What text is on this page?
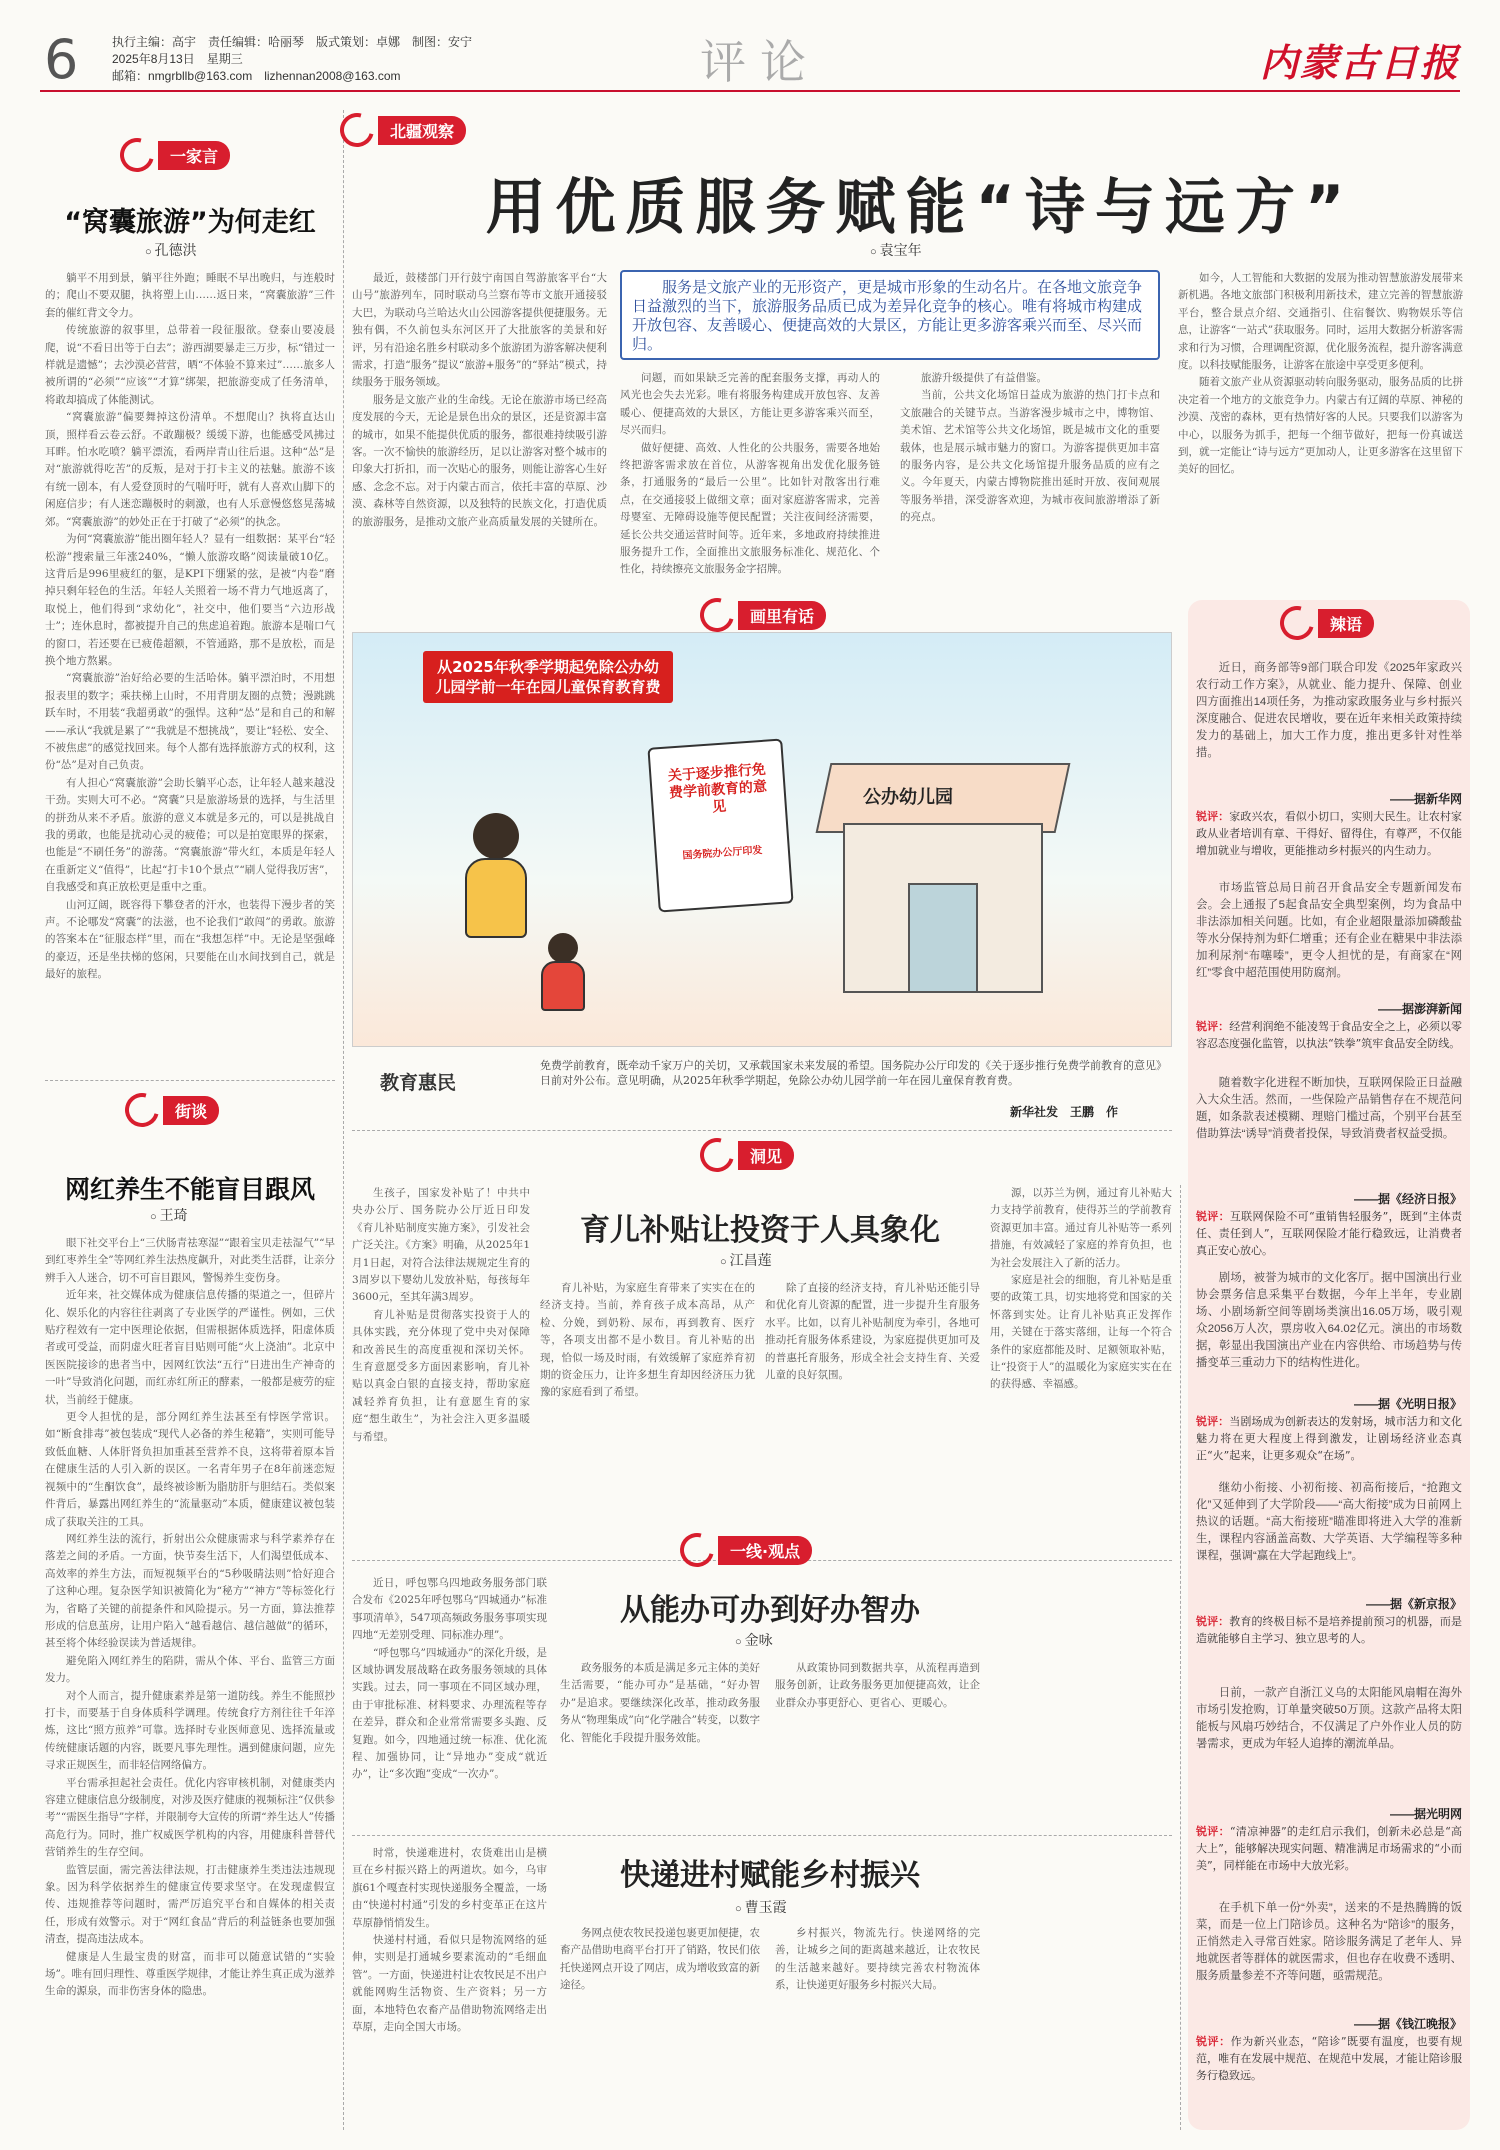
6	执行主编：高宇　责任编辑：哈丽琴　版式策划：卓娜　制图：安宁
2025年8月13日　星期三
邮箱：nmgrbllb@163.com　lizhennan2008@163.com	评论	内蒙古日报
一家言
“窝囊旅游”为何走红
○ 孔德洪

躺平不用到景，躺平往外跑；睡眠不早出晚归，与连般时的；爬山不要双腿，执将塑上山……返日来，“窝囊旅游”三件套的催红背文令力。

传统旅游的叙事里，总带着一段征服欲。登泰山要凌晨爬，说“不看日出等于白去”；游西湖要暴走三万步，标“错过一样就是遗憾”；去沙漠必营营，晒“不体验不算来过”……旅多人被所谓的“必须”“应该”“才算”绑架，把旅游变成了任务清单，将敢却搞成了体能测试。

“窝囊旅游”偏要舞掉这份清单。不想爬山？执将直达山顶，照样看云卷云舒。不敢蹦极？缓缓下游，也能感受风拂过耳畔。怕水吃喷？躺平漂流，看两岸青山往后退。这种“怂”是对“旅游就得吃苦”的反叛，是对于打卡主义的祛魅。旅游不该有统一剧本，有人爱登顶时的气喘吁吁，就有人喜欢山脚下的闲庭信步；有人迷恋蹦极时的刺激，也有人乐意慢悠悠晃荡城郊。“窝囊旅游”的妙处正在于打破了“必须”的执念。

为何“窝囊旅游”能出圈年轻人？显有一组数据：某平台“轻松游”搜索量三年涨240%，“懒人旅游攻略”阅读量破10亿。这背后是996里疲红的躯，是KPI下绷紧的弦，是被“内卷”磨掉只剩年轻色的生活。年轻人关照着一场不背力气地返离了，取悦上，他们得到“求幼化”，社交中，他们要当“六边形战士”；连休息时，都被提升自己的焦虑追着跑。旅游本是喘口气的窗口，若还要在已疲倦超额，不管通路，那不是放松，而是换个地方熬累。

“窝囊旅游”治好给必要的生活哈体。躺平漂泊时，不用想报表里的数字；乘扶梯上山时，不用背朋友圈的点赞；漫跳跳跃车时，不用装“我超勇敢”的强悍。这种“怂”是和自己的和解——承认“我就是累了”“我就是不想挑战”，要让“轻松、安全、不被焦虑”的感觉找回来。每个人都有选择旅游方式的权利，这份“怂”是对自己负责。

有人担心“窝囊旅游”会助长躺平心态，让年轻人越来越没干劲。实则大可不必。“窝囊”只是旅游场景的选择，与生活里的拼劲从来不矛盾。旅游的意义本就是多元的，可以是挑战自我的勇敢，也能是扰动心灵的疲倦；可以是拍宽眼界的探索，也能是“不刷任务”的游荡。“窝囊旅游”带火红，本质是年轻人在重新定义“值得”，比起“打卡10个景点”“刷人觉得我厉害”，自我感受和真正放松更是重中之重。

山河辽阔，既容得下攀登者的汗水，也装得下漫步者的笑声。不论哪发“窝囊”的法滋，也不论我们“敢闯”的勇敢。旅游的答案本在“征服态样”里，而在“我想怎样”中。无论是坚强峰的豪迈，还是坐扶梯的悠闲，只要能在山水间找到自己，就是最好的旅程。

街谈
网红养生不能盲目跟风
○ 王琦

眼下社交平台上“三伏肠青祛寒湿”“跟着宝贝走祛湿气”“早到红枣养生全”等网红养生法热度飙升，对此类生活群，让亲分辨手入人迷合，切不可盲目跟风，警惕养生变伤身。

近年来，社交媒体成为健康信息传播的渠道之一，但碎片化、娱乐化的内容往往剥离了专业医学的严谨性。例如，三伏贴疗程效有一定中医理论依据，但需根据体质选择，阳虚体质者或可受益，而阴虚火旺者盲目贴则可能“火上浇油”。北京中医医院接诊的患者当中，因网红饮法“五行”日进出生产神奇的一叶”导致消化问题，而红赤红所正的酵素，一般都是疲劳的症状，当前经于健康。

更令人担忧的是，部分网红养生法甚至有悖医学常识。如“断食排毒”被包装成“现代人必备的养生秘籍”，实则可能导致低血糖、人体肝肾负担加重甚至营养不良，这将带着原本旨在健康生活的人引入新的误区。一名青年男子在8年前迷恋短视频中的“生酮饮食”，最终被诊断为脂肪肝与胆结石。类似案件背后，暴露出网红养生的“流量驱动”本质，健康建议被包装成了获取关注的工具。

网红养生法的流行，折射出公众健康需求与科学素养存在落差之间的矛盾。一方面，快节奏生活下，人们渴望低成本、高效率的养生方法，而短视频平台的“5秒吸睛法则”恰好迎合了这种心理。复杂医学知识被简化为“秘方”“神方”等标签化行为，省略了关键的前提条件和风险提示。另一方面，算法推荐形成的信息茧房，让用户陷入“越看越信、越信越做”的循环，甚至将个体经验误读为普适规律。

避免陷入网红养生的陷阱，需从个体、平台、监管三方面发力。

对个人而言，提升健康素养是第一道防线。养生不能照抄打卡，而要基于自身体质科学调理。传统食疗方剂往往千年淬炼，这比“照方煎养”可靠。选择时专业医师意见、选择流量或传统健康话题的内容，既要凡事先理性。遇到健康问题，应先寻求正规医生，而非轻信网络偏方。

平台需承担起社会责任。优化内容审核机制，对健康类内容建立健康信息分级制度，对涉及医疗健康的视频标注“仅供参考”“需医生指导”字样，并限制夸大宣传的所谓“养生达人”传播高危行为。同时，推广权威医学机构的内容，用健康科普替代营销养生的生存空间。

监管层面，需完善法律法规，打击健康养生类违法违规现象。因为科学依据养生的健康宣传要求坚守。在发现虚假宣传、违规推荐等问题时，需严厉追究平台和自媒体的相关责任，形成有效警示。对于“网红食品”背后的利益链条也要加强清查，提高违法成本。

健康是人生最宝贵的财富，而非可以随意试错的“实验场”。唯有回归理性、尊重医学规律，才能让养生真正成为滋养生命的源泉，而非伤害身体的隐患。

北疆观察
用优质服务赋能“诗与远方”
○ 袁宝年
服务是文旅产业的无形资产，更是城市形象的生动名片。在各地文旅竞争日益激烈的当下，旅游服务品质已成为差异化竞争的核心。唯有将城市构建成开放包容、友善暖心、便捷高效的大景区，方能让更多游客乘兴而至、尽兴而归。

最近，鼓楼部门开行鼓宁南国自驾游旅客平台“大山号”旅游列车，同时联动乌兰察布等市文旅开通接驳大巴，为联动乌兰哈达火山公园游客提供便捷服务。无独有偶，不久前包头东河区开了大批旅客的美景和好评，另有沿途名胜乡村联动多个旅游团为游客解决便利需求，打造“服务”提议“旅游+服务”的“驿站”模式，持续服务于服务领域。

服务是文旅产业的生命线。无论在旅游市场已经高度发展的今天，无论是景色出众的景区，还是资源丰富的城市，如果不能提供优质的服务，都很难持续吸引游客。一次不愉快的旅游经历，足以让游客对整个城市的印象大打折扣，而一次贴心的服务，则能让游客心生好感、念念不忘。对于内蒙古而言，依托丰富的草原、沙漠、森林等自然资源，以及独特的民族文化，打造优质的旅游服务，是推动文旅产业高质量发展的关键所在。

问题，而如果缺乏完善的配套服务支撑，再动人的风光也会失去光彩。唯有将服务构建成开放包容、友善暖心、便捷高效的大景区，方能让更多游客乘兴而至，尽兴而归。

做好便捷、高效、人性化的公共服务，需要各地始终把游客需求放在首位，从游客视角出发优化服务链条，打通服务的“最后一公里”。比如针对散客出行难点，在交通接驳上做细文章；面对家庭游客需求，完善母婴室、无障碍设施等便民配置；关注夜间经济需要，延长公共交通运营时间等。近年来，多地政府持续推进服务提升工作，全面推出文旅服务标准化、规范化、个性化，持续擦亮文旅服务金字招牌。

旅游升级提供了有益借鉴。

当前，公共文化场馆日益成为旅游的热门打卡点和文旅融合的关键节点。当游客漫步城市之中，博物馆、美术馆、艺术馆等公共文化场馆，既是城市文化的重要载体，也是展示城市魅力的窗口。为游客提供更加丰富的服务内容，是公共文化场馆提升服务品质的应有之义。今年夏天，内蒙古博物院推出延时开放、夜间观展等服务举措，深受游客欢迎，为城市夜间旅游增添了新的亮点。

如今，人工智能和大数据的发展为推动智慧旅游发展带来新机遇。各地文旅部门积极利用新技术，建立完善的智慧旅游平台，整合景点介绍、交通指引、住宿餐饮、购物娱乐等信息，让游客“一站式”获取服务。同时，运用大数据分析游客需求和行为习惯，合理调配资源，优化服务流程，提升游客满意度。以科技赋能服务，让游客在旅途中享受更多便利。

随着文旅产业从资源驱动转向服务驱动，服务品质的比拼决定着一个地方的文旅竞争力。内蒙古有辽阔的草原、神秘的沙漠、茂密的森林，更有热情好客的人民。只要我们以游客为中心，以服务为抓手，把每一个细节做好，把每一份真诚送到，就一定能让“诗与远方”更加动人，让更多游客在这里留下美好的回忆。

画里有话
从2025年秋季学期起免除公办幼儿园学前一年在园儿童保育教育费
公办幼儿园
关于逐步推行免费学前教育的意见
国务院办公厅印发
教育惠民
免费学前教育，既牵动千家万户的关切，又承载国家未来发展的希望。国务院办公厅印发的《关于逐步推行免费学前教育的意见》日前对外公布。意见明确，从2025年秋季学期起，免除公办幼儿园学前一年在园儿童保育教育费。
新华社发　王鹏　作
洞见
育儿补贴让投资于人具象化
○ 江昌莲

生孩子，国家发补贴了！中共中央办公厅、国务院办公厅近日印发《育儿补贴制度实施方案》，引发社会广泛关注。《方案》明确，从2025年1月1日起，对符合法律法规规定生育的3周岁以下婴幼儿发放补贴，每孩每年3600元，至其年满3周岁。

育儿补贴是贯彻落实投资于人的具体实践，充分体现了党中央对保障和改善民生的高度重视和深切关怀。生育意愿受多方面因素影响，育儿补贴以真金白银的直接支持，帮助家庭减轻养育负担，让有意愿生育的家庭“想生敢生”，为社会注入更多温暖与希望。

育儿补贴，为家庭生育带来了实实在在的经济支持。当前，养育孩子成本高昂，从产检、分娩，到奶粉、尿布，再到教育、医疗等，各项支出都不是小数目。育儿补贴的出现，恰似一场及时雨，有效缓解了家庭养育初期的资金压力，让许多想生育却因经济压力犹豫的家庭看到了希望。

除了直接的经济支持，育儿补贴还能引导和优化育儿资源的配置，进一步提升生育服务水平。比如，以育儿补贴制度为牵引，各地可推动托育服务体系建设，为家庭提供更加可及的普惠托育服务，形成全社会支持生育、关爱儿童的良好氛围。

源，以苏兰为例，通过育儿补贴大力支持学前教育，使得苏兰的学前教育资源更加丰富。通过育儿补贴等一系列措施，有效减轻了家庭的养育负担，也为社会发展注入了新的活力。

家庭是社会的细胞，育儿补贴是重要的政策工具，切实地将党和国家的关怀落到实处。让育儿补贴真正发挥作用，关键在于落实落细，让每一个符合条件的家庭都能及时、足额领取补贴，让“投资于人”的温暖化为家庭实实在在的获得感、幸福感。

一线·观点
从能办可办到好办智办
○ 金咏

近日，呼包鄂乌四地政务服务部门联合发布《2025年呼包鄂乌“四城通办”标准事项清单》，547项高频政务服务事项实现四地“无差别受理、同标准办理”。

“呼包鄂乌”四城通办”的深化升级，是区域协调发展战略在政务服务领域的具体实践。过去，同一事项在不同区域办理，由于审批标准、材料要求、办理流程等存在差异，群众和企业常常需要多头跑、反复跑。如今，四地通过统一标准、优化流程、加强协同，让“异地办”变成“就近办”，让“多次跑”变成“一次办”。

政务服务的本质是满足多元主体的美好生活需要，“能办可办”是基础，“好办智办”是追求。要继续深化改革，推动政务服务从“物理集成”向“化学融合”转变，以数字化、智能化手段提升服务效能。

从政策协同到数据共享，从流程再造到服务创新，让政务服务更加便捷高效，让企业群众办事更舒心、更省心、更暖心。

快递进村赋能乡村振兴
○ 曹玉霞

时常，快递难进村，农货难出山是横亘在乡村振兴路上的两道坎。如今，乌审旗61个嘎查村实现快递服务全覆盖，一场由“快递村村通”引发的乡村变革正在这片草原静悄悄发生。

快递村村通，看似只是物流网络的延伸，实则是打通城乡要素流动的“毛细血管”。一方面，快递进村让农牧民足不出户就能网购生活物资、生产资料；另一方面，本地特色农畜产品借助物流网络走出草原，走向全国大市场。

务网点使农牧民投递包裹更加便捷，农畜产品借助电商平台打开了销路，牧民们依托快递网点开设了网店，成为增收致富的新途径。

乡村振兴，物流先行。快递网络的完善，让城乡之间的距离越来越近，让农牧民的生活越来越好。要持续完善农村物流体系，让快递更好服务乡村振兴大局。

辣语
近日，商务部等9部门联合印发《2025年家政兴农行动工作方案》，从就业、能力提升、保障、创业四方面推出14项任务，为推动家政服务业与乡村振兴深度融合、促进农民增收，要在近年来相关政策持续发力的基础上，加大工作力度，推出更多针对性举措。
——据新华网
锐评：家政兴农，看似小切口，实则大民生。让农村家政从业者培训有章、干得好、留得住，有尊严，不仅能增加就业与增收，更能推动乡村振兴的内生动力。
市场监管总局日前召开食品安全专题新闻发布会。会上通报了5起食品安全典型案例，均为食品中非法添加相关问题。比如，有企业超限量添加磷酸盐等水分保持剂为虾仁增重；还有企业在糖果中非法添加利尿剂“布噻嗪”，更令人担忧的是，有商家在“网红”零食中超范围使用防腐剂。
——据澎湃新闻
锐评：经营利润绝不能凌驾于食品安全之上，必须以零容忍态度强化监管，以执法“铁拳”筑牢食品安全防线。
随着数字化进程不断加快，互联网保险正日益融入大众生活。然而，一些保险产品销售存在不规范问题，如条款表述模糊、理赔门槛过高，个别平台甚至借助算法“诱导”消费者投保，导致消费者权益受损。
——据《经济日报》
锐评：互联网保险不可“重销售轻服务”，既到“主体责任、责任到人”，互联网保险才能行稳致远，让消费者真正安心放心。
剧场，被誉为城市的文化客厅。据中国演出行业协会票务信息采集平台数据，今年上半年，专业剧场、小剧场新空间等剧场类演出16.05万场，吸引观众2056万人次，票房收入64.02亿元。演出的市场数据，彰显出我国演出产业在内容供给、市场趋势与传播变革三重动力下的结构性进化。
——据《光明日报》
锐评：当剧场成为创新表达的发射场，城市活力和文化魅力将在更大程度上得到激发，让剧场经济业态真正“火”起来，让更多观众“在场”。
继幼小衔接、小初衔接、初高衔接后，“抢跑文化”又延伸到了大学阶段——“高大衔接”成为日前网上热议的话题。“高大衔接班”瞄准即将进入大学的准新生，课程内容涵盖高数、大学英语、大学编程等多种课程，强调“赢在大学起跑线上”。
——据《新京报》
锐评：教育的终极目标不是培养提前预习的机器，而是造就能够自主学习、独立思考的人。
日前，一款产自浙江义乌的太阳能风扇帽在海外市场引发抢购，订单量突破50万顶。这款产品将太阳能板与风扇巧妙结合，不仅满足了户外作业人员的防暑需求，更成为年轻人追捧的潮流单品。
——据光明网
锐评：“清凉神器”的走红启示我们，创新未必总是“高大上”，能够解决现实问题、精准满足市场需求的“小而美”，同样能在市场中大放光彩。
在手机下单一份“外卖”，送来的不是热腾腾的饭菜，而是一位上门陪诊员。这种名为“陪诊”的服务，正悄然走入寻常百姓家。陪诊服务满足了老年人、异地就医者等群体的就医需求，但也存在收费不透明、服务质量参差不齐等问题，亟需规范。
——据《钱江晚报》
锐评：作为新兴业态，“陪诊”既要有温度，也要有规范，唯有在发展中规范、在规范中发展，才能让陪诊服务行稳致远。
